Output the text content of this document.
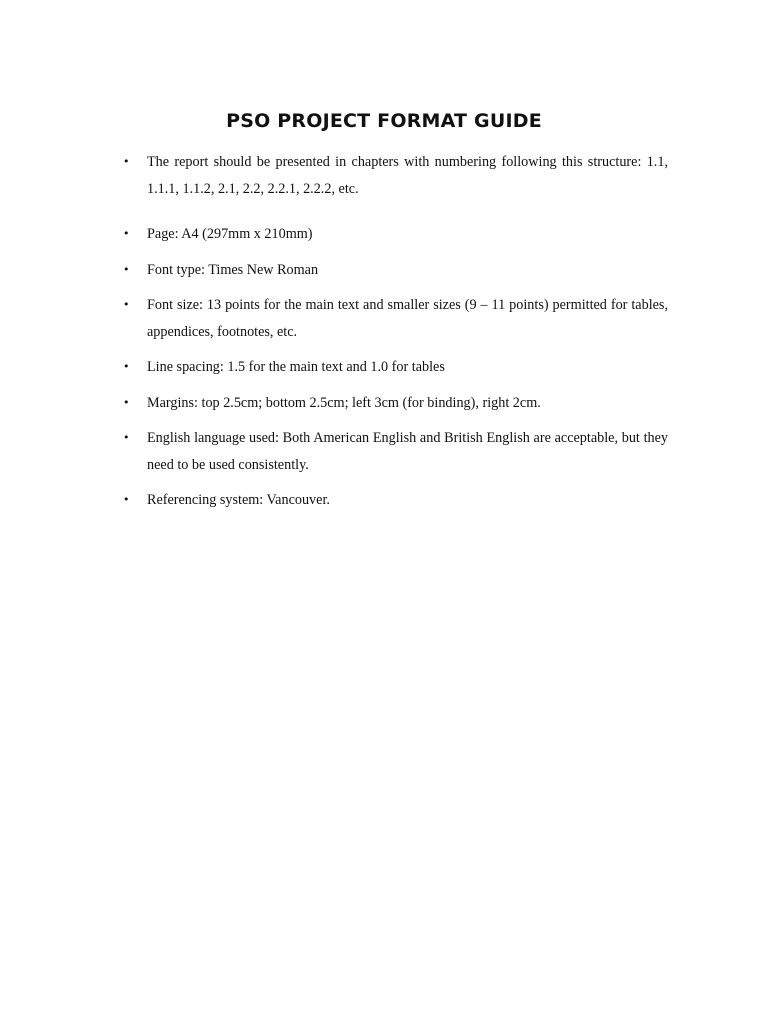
PSO PROJECT FORMAT GUIDE
• The report should be presented in chapters with numbering following this structure: 1.1, 1.1.1, 1.1.2, 2.1, 2.2, 2.2.1, 2.2.2, etc.
• Page: A4 (297mm x 210mm)
• Font type: Times New Roman
• Font size: 13 points for the main text and smaller sizes (9 – 11 points) permitted for tables, appendices, footnotes, etc.
• Line spacing: 1.5 for the main text and 1.0 for tables
• Margins: top 2.5cm; bottom 2.5cm; left 3cm (for binding), right 2cm.
• English language used: Both American English and British English are acceptable, but they need to be used consistently.
• Referencing system: Vancouver.
